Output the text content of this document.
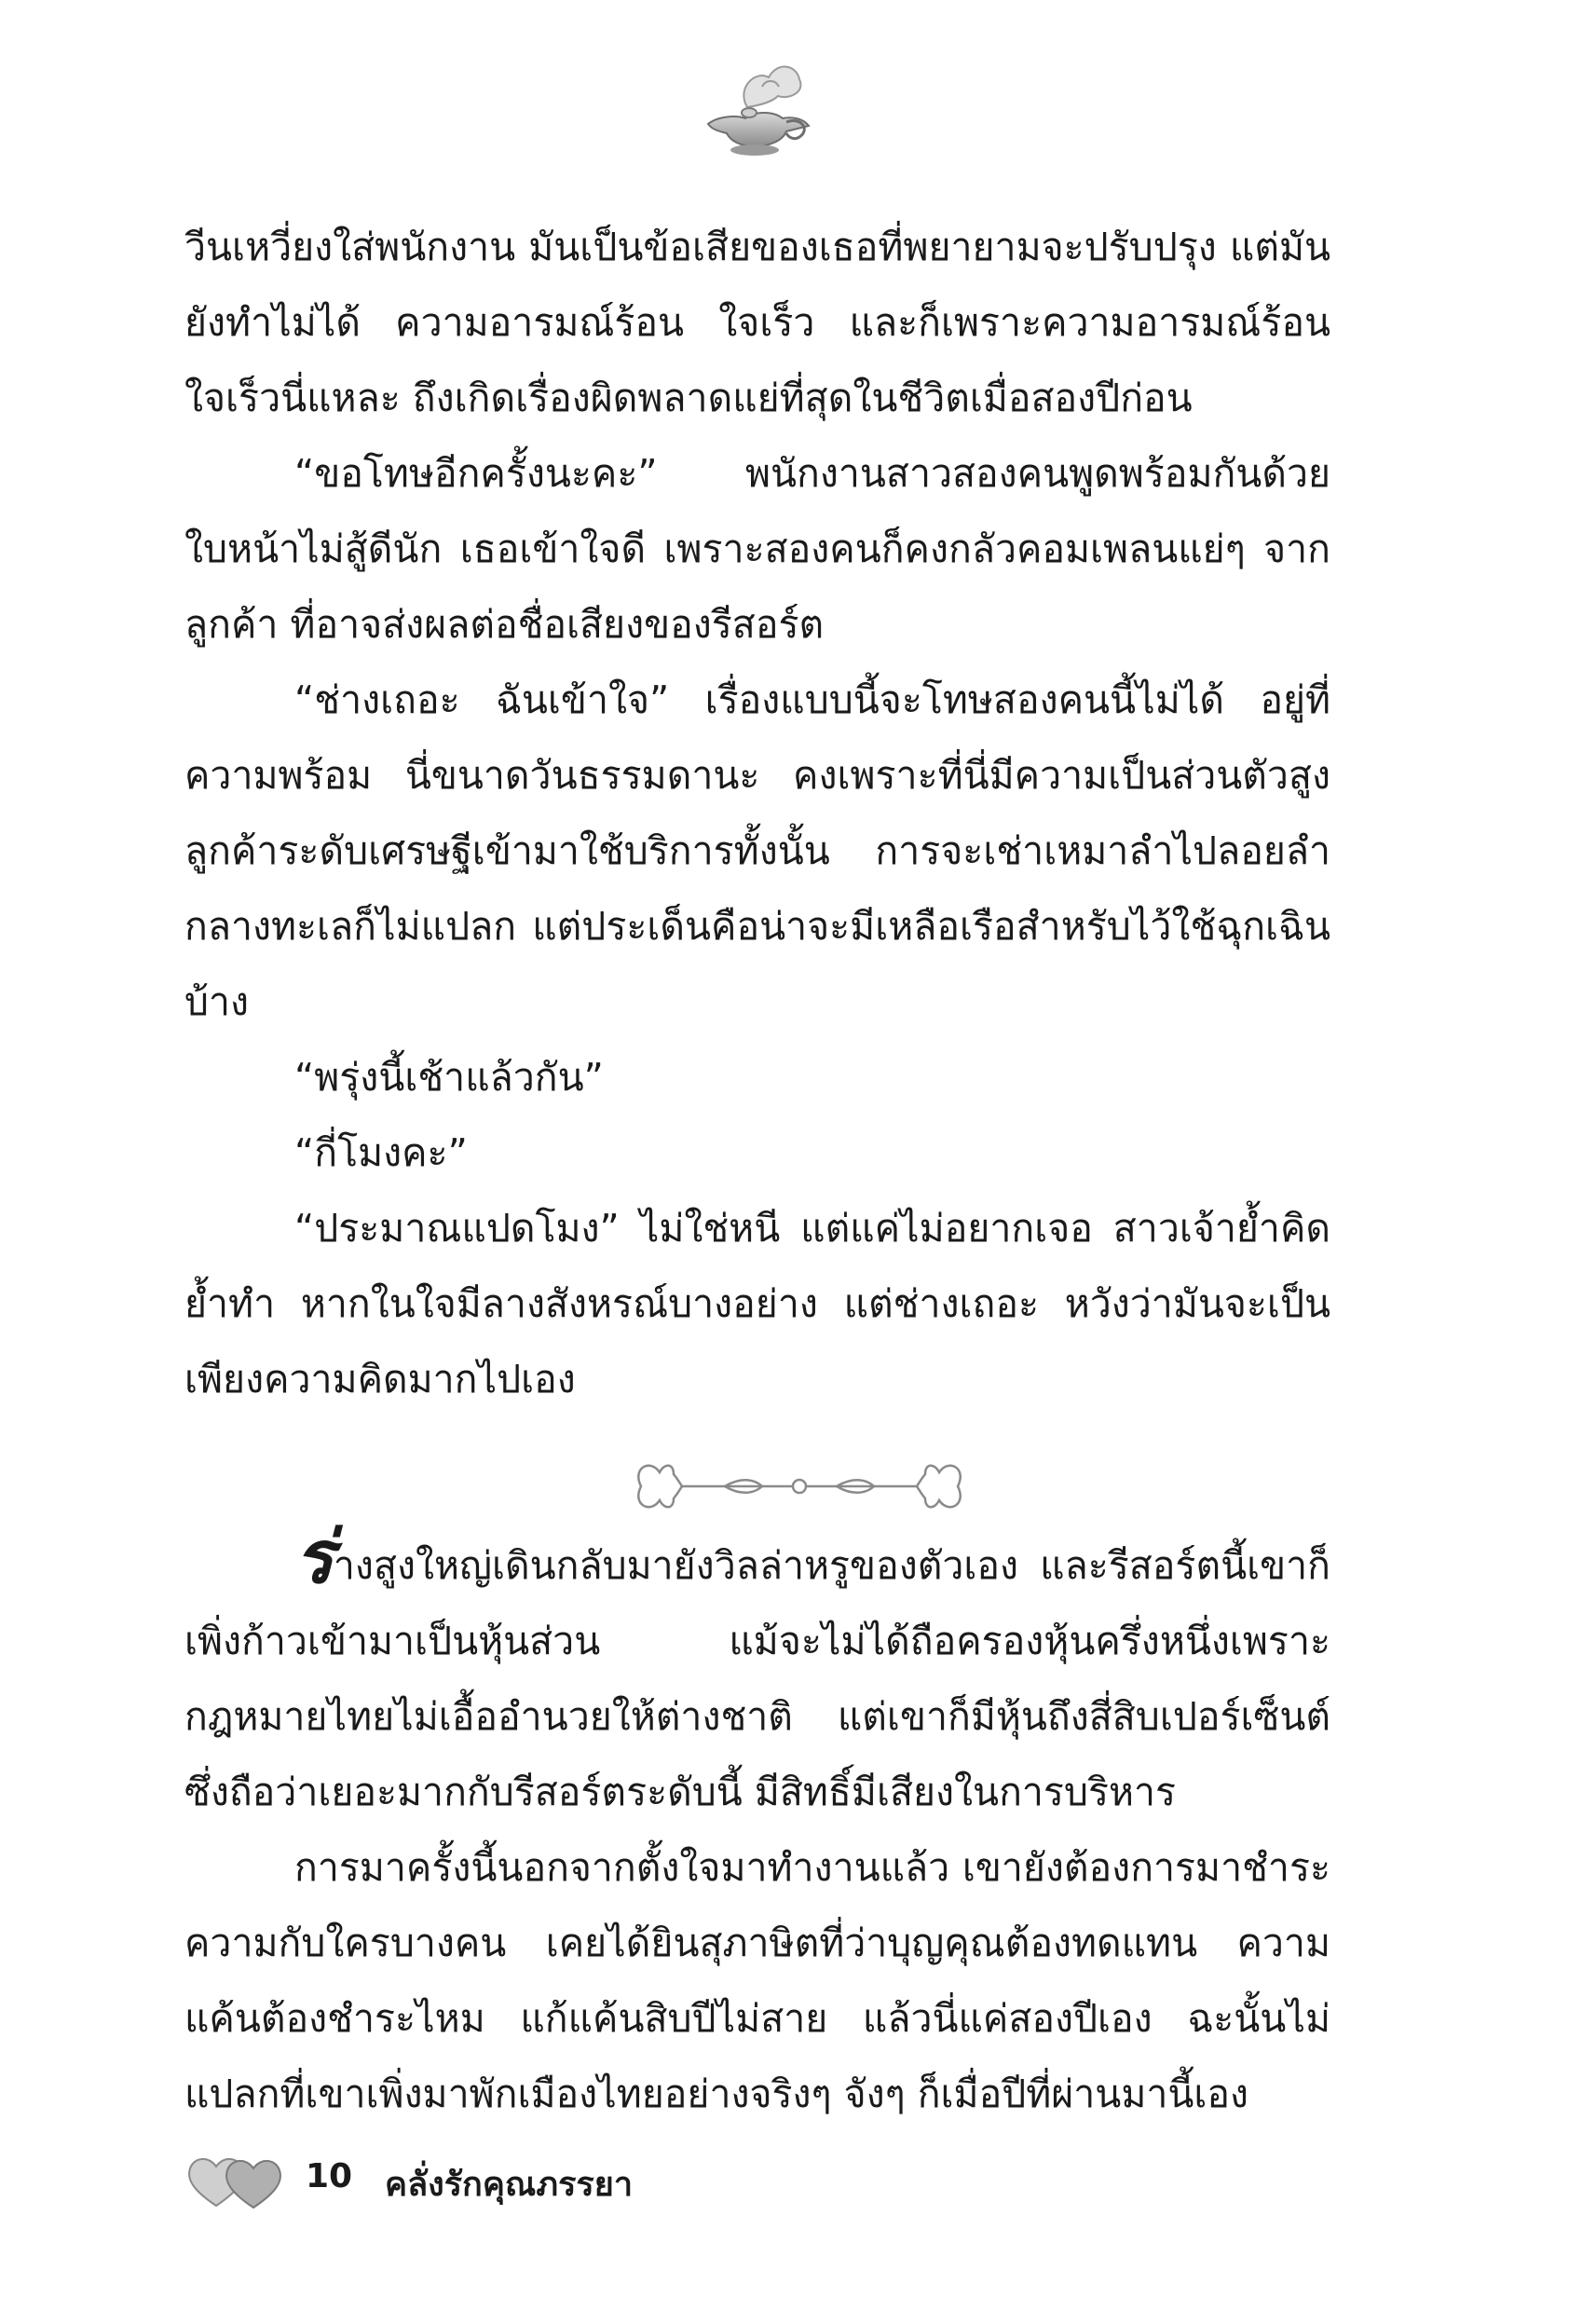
วีนเหวี่ยงใส่พนักงาน มันเป็นข้อเสียของเธอที่พยายามจะปรับปรุง แต่มันยังทำไม่ได้ ความอารมณ์ร้อน ใจเร็ว และก็เพราะความอารมณ์ร้อนใจเร็วนี่แหละ ถึงเกิดเรื่องผิดพลาดแย่ที่สุดในชีวิตเมื่อสองปีก่อน

“ขอโทษอีกครั้งนะคะ” พนักงานสาวสองคนพูดพร้อมกันด้วยใบหน้าไม่สู้ดีนัก เธอเข้าใจดี เพราะสองคนก็คงกลัวคอมเพลนแย่ๆ จากลูกค้า ที่อาจส่งผลต่อชื่อเสียงของรีสอร์ต

“ช่างเถอะ ฉันเข้าใจ” เรื่องแบบนี้จะโทษสองคนนี้ไม่ได้ อยู่ที่ความพร้อม นี่ขนาดวันธรรมดานะ คงเพราะที่นี่มีความเป็นส่วนตัวสูง ลูกค้าระดับเศรษฐีเข้ามาใช้บริการทั้งนั้น การจะเช่าเหมาลำไปลอยลำกลางทะเลก็ไม่แปลก แต่ประเด็นคือน่าจะมีเหลือเรือสำหรับไว้ใช้ฉุกเฉินบ้าง

“พรุ่งนี้เช้าแล้วกัน”

“กี่โมงคะ”

“ประมาณแปดโมง” ไม่ใช่หนี แต่แค่ไม่อยากเจอ สาวเจ้าย้ำคิดย้ำทำ หากในใจมีลางสังหรณ์บางอย่าง แต่ช่างเถอะ หวังว่ามันจะเป็นเพียงความคิดมากไปเอง

ร่างสูงใหญ่เดินกลับมายังวิลล่าหรูของตัวเอง และรีสอร์ตนี้เขาก็เพิ่งก้าวเข้ามาเป็นหุ้นส่วน แม้จะไม่ได้ถือครองหุ้นครึ่งหนึ่งเพราะกฎหมายไทยไม่เอื้ออำนวยให้ต่างชาติ แต่เขาก็มีหุ้นถึงสี่สิบเปอร์เซ็นต์ ซึ่งถือว่าเยอะมากกับรีสอร์ตระดับนี้ มีสิทธิ์มีเสียงในการบริหาร

การมาครั้งนี้นอกจากตั้งใจมาทำงานแล้ว เขายังต้องการมาชำระความกับใครบางคน เคยได้ยินสุภาษิตที่ว่าบุญคุณต้องทดแทน ความแค้นต้องชำระไหม แก้แค้นสิบปีไม่สาย แล้วนี่แค่สองปีเอง ฉะนั้นไม่แปลกที่เขาเพิ่งมาพักเมืองไทยอย่างจริงๆ จังๆ ก็เมื่อปีที่ผ่านมานี้เอง

10 คลั่งรักคุณภรรยา
